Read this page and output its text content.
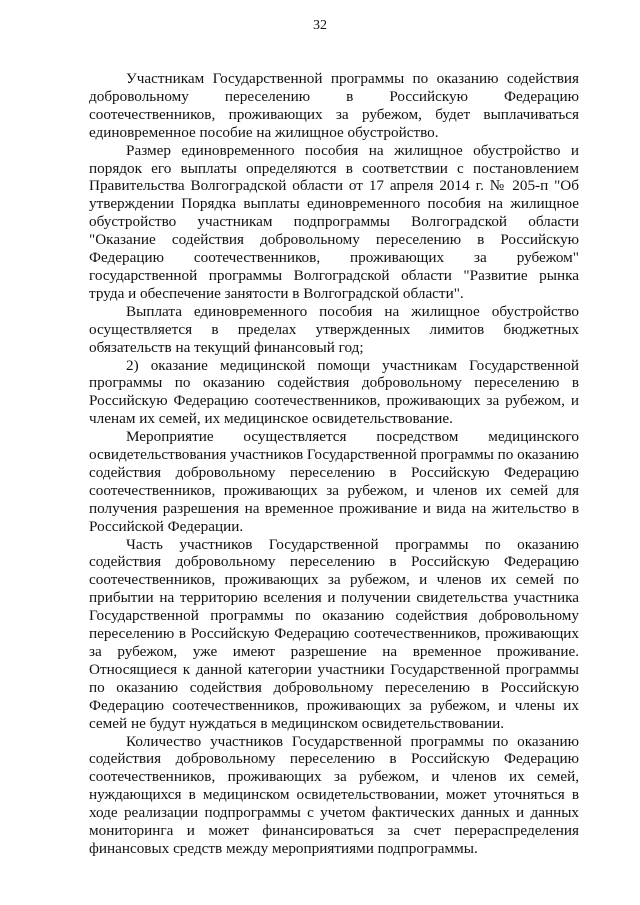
32

Участникам Государственной программы по оказанию содействия добровольному переселению в Российскую Федерацию соотечественников, проживающих за рубежом, будет выплачиваться единовременное пособие на жилищное обустройство.

Размер единовременного пособия на жилищное обустройство и порядок его выплаты определяются в соответствии с постановлением Правительства Волгоградской области от 17 апреля 2014 г. № 205-п "Об утверждении Порядка выплаты единовременного пособия на жилищное обустройство участникам подпрограммы Волгоградской области "Оказание содействия добровольному переселению в Российскую Федерацию соотечественников, проживающих за рубежом" государственной программы Волгоградской области "Развитие рынка труда и обеспечение занятости в Волгоградской области".

Выплата единовременного пособия на жилищное обустройство осуществляется в пределах утвержденных лимитов бюджетных обязательств на текущий финансовый год;

2) оказание медицинской помощи участникам Государственной программы по оказанию содействия добровольному переселению в Российскую Федерацию соотечественников, проживающих за рубежом, и членам их семей, их медицинское освидетельствование.

Мероприятие осуществляется посредством медицинского освидетельствования участников Государственной программы по оказанию содействия добровольному переселению в Российскую Федерацию соотечественников, проживающих за рубежом, и членов их семей для получения разрешения на временное проживание и вида на жительство в Российской Федерации.

Часть участников Государственной программы по оказанию содействия добровольному переселению в Российскую Федерацию соотечественников, проживающих за рубежом, и членов их семей по прибытии на территорию вселения и получении свидетельства участника Государственной программы по оказанию содействия добровольному переселению в Российскую Федерацию соотечественников, проживающих за рубежом, уже имеют разрешение на временное проживание. Относящиеся к данной категории участники Государственной программы по оказанию содействия добровольному переселению в Российскую Федерацию соотечественников, проживающих за рубежом, и члены их семей не будут нуждаться в медицинском освидетельствовании.

Количество участников Государственной программы по оказанию содействия добровольному переселению в Российскую Федерацию соотечественников, проживающих за рубежом, и членов их семей, нуждающихся в медицинском освидетельствовании, может уточняться в ходе реализации подпрограммы с учетом фактических данных и данных мониторинга и может финансироваться за счет перераспределения финансовых средств между мероприятиями подпрограммы.
